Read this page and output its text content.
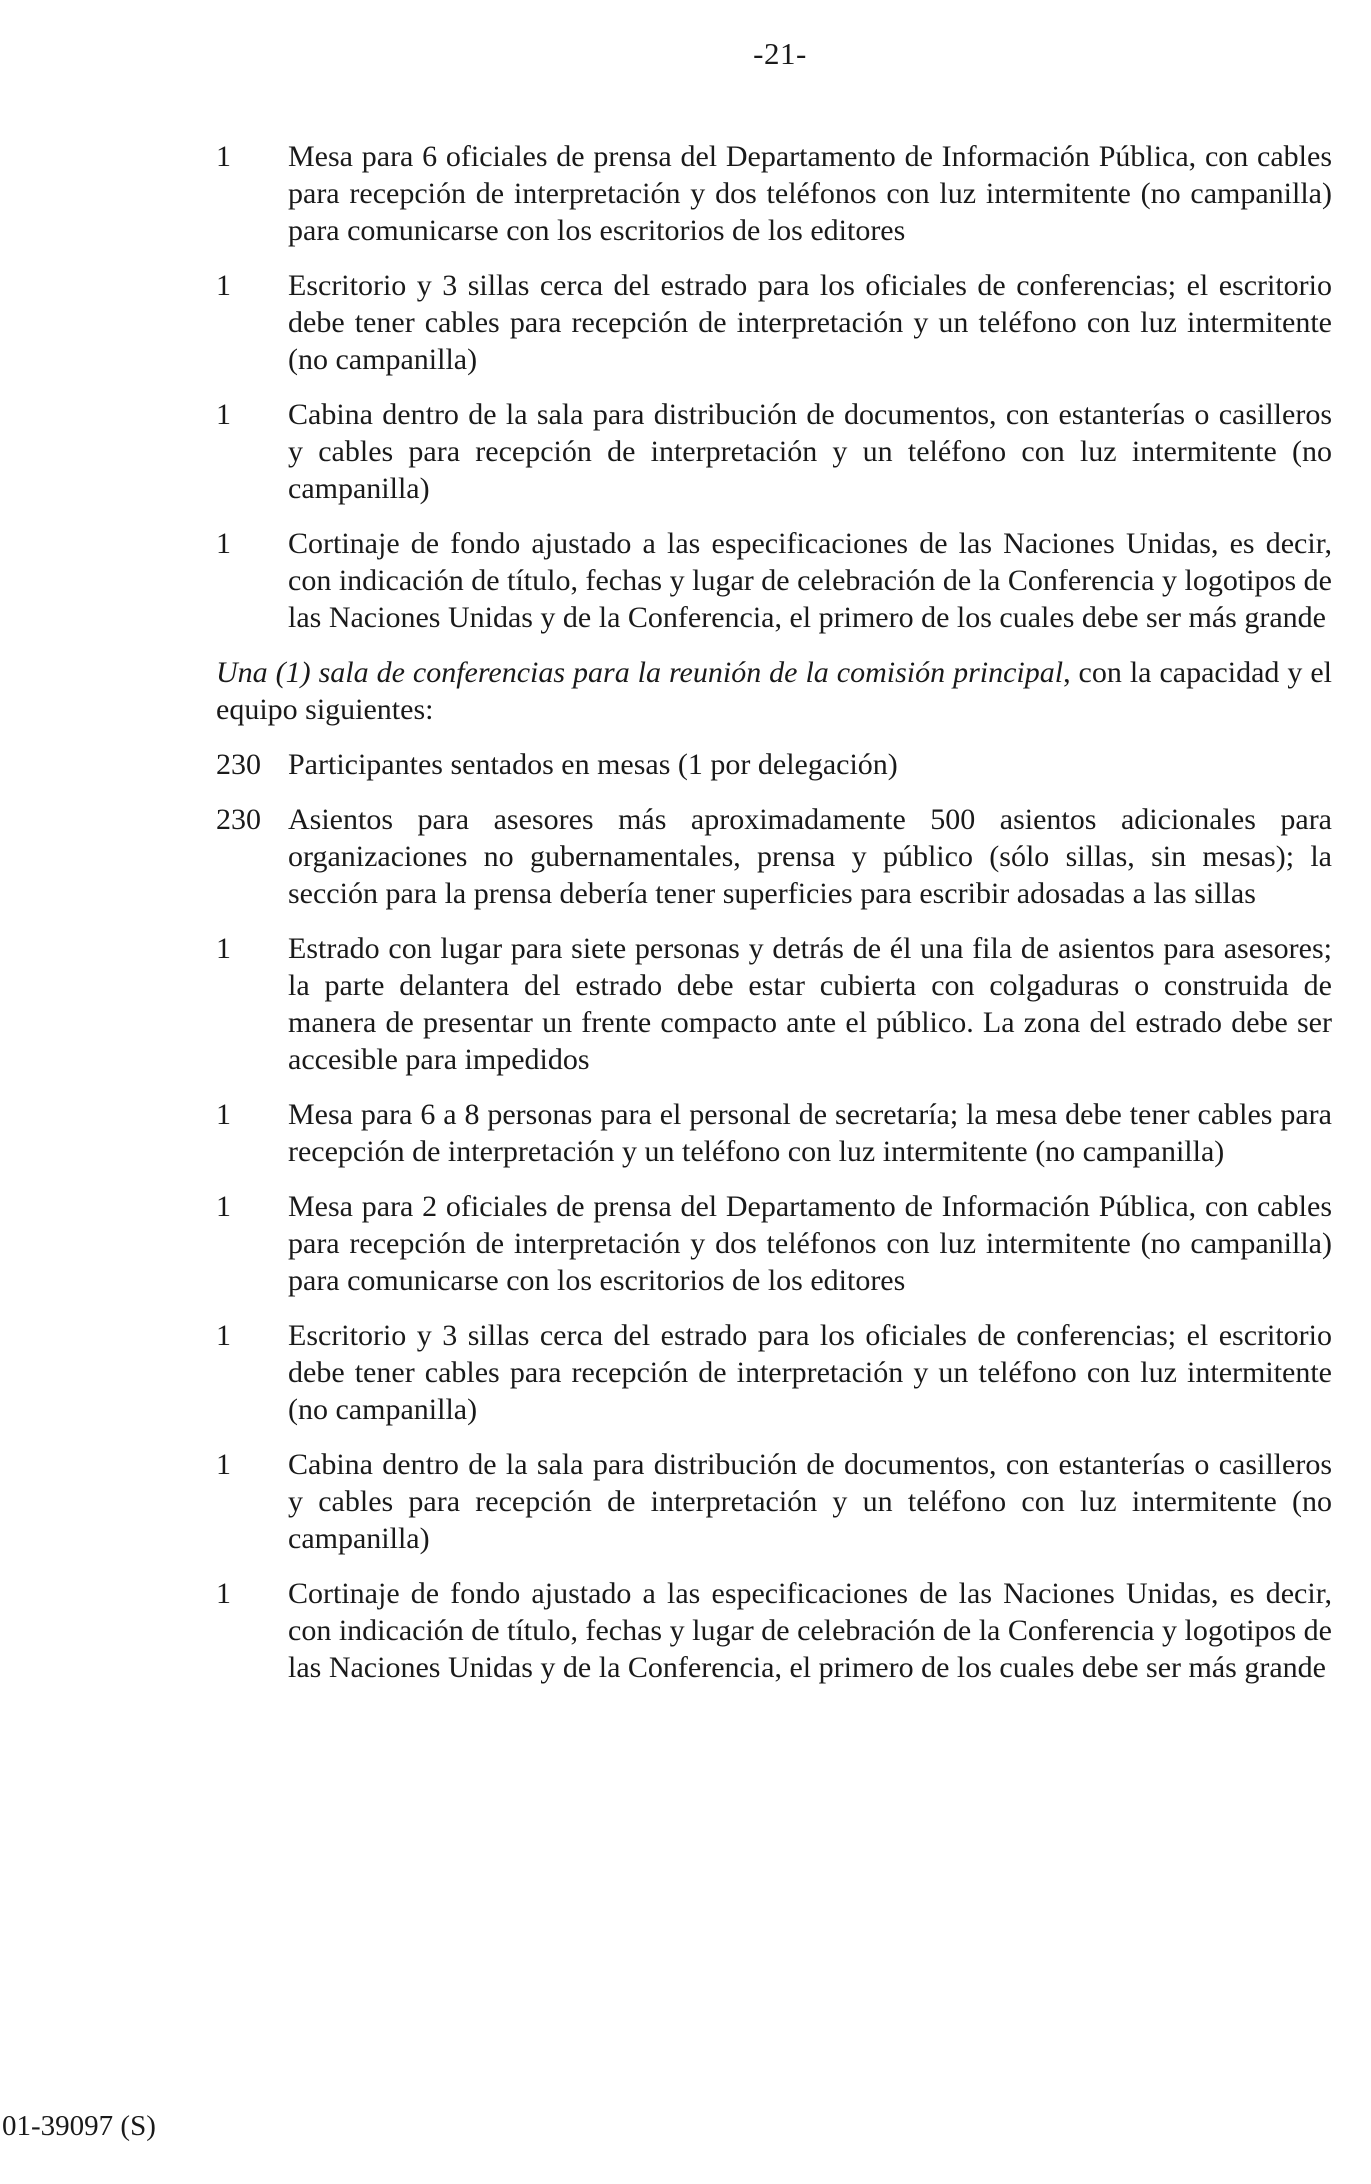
-21-
1	Mesa para 6 oficiales de prensa del Departamento de Información Pública, con cables para recepción de interpretación y dos teléfonos con luz intermitente (no campanilla) para comunicarse con los escritorios de los editores
1	Escritorio y 3 sillas cerca del estrado para los oficiales de conferencias; el escritorio debe tener cables para recepción de interpretación y un teléfono con luz intermitente (no campanilla)
1	Cabina dentro de la sala para distribución de documentos, con estanterías o casilleros y cables para recepción de interpretación y un teléfono con luz intermitente (no campanilla)
1	Cortinaje de fondo ajustado a las especificaciones de las Naciones Unidas, es decir, con indicación de título, fechas y lugar de celebración de la Conferencia y logotipos de las Naciones Unidas y de la Conferencia, el primero de los cuales debe ser más grande
Una (1) sala de conferencias para la reunión de la comisión principal, con la capacidad y el equipo siguientes:
230 Participantes sentados en mesas (1 por delegación)
230 Asientos para asesores más aproximadamente 500 asientos adicionales para organizaciones no gubernamentales, prensa y público (sólo sillas, sin mesas); la sección para la prensa debería tener superficies para escribir adosadas a las sillas
1	Estrado con lugar para siete personas y detrás de él una fila de asientos para asesores; la parte delantera del estrado debe estar cubierta con colgaduras o construida de manera de presentar un frente compacto ante el público. La zona del estrado debe ser accesible para impedidos
1	Mesa para 6 a 8 personas para el personal de secretaría; la mesa debe tener cables para recepción de interpretación y un teléfono con luz intermitente (no campanilla)
1	Mesa para 2 oficiales de prensa del Departamento de Información Pública, con cables para recepción de interpretación y dos teléfonos con luz intermitente (no campanilla) para comunicarse con los escritorios de los editores
1	Escritorio y 3 sillas cerca del estrado para los oficiales de conferencias; el escritorio debe tener cables para recepción de interpretación y un teléfono con luz intermitente (no campanilla)
1	Cabina dentro de la sala para distribución de documentos, con estanterías o casilleros y cables para recepción de interpretación y un teléfono con luz intermitente (no campanilla)
1	Cortinaje de fondo ajustado a las especificaciones de las Naciones Unidas, es decir, con indicación de título, fechas y lugar de celebración de la Conferencia y logotipos de las Naciones Unidas y de la Conferencia, el primero de los cuales debe ser más grande
01-39097 (S)
